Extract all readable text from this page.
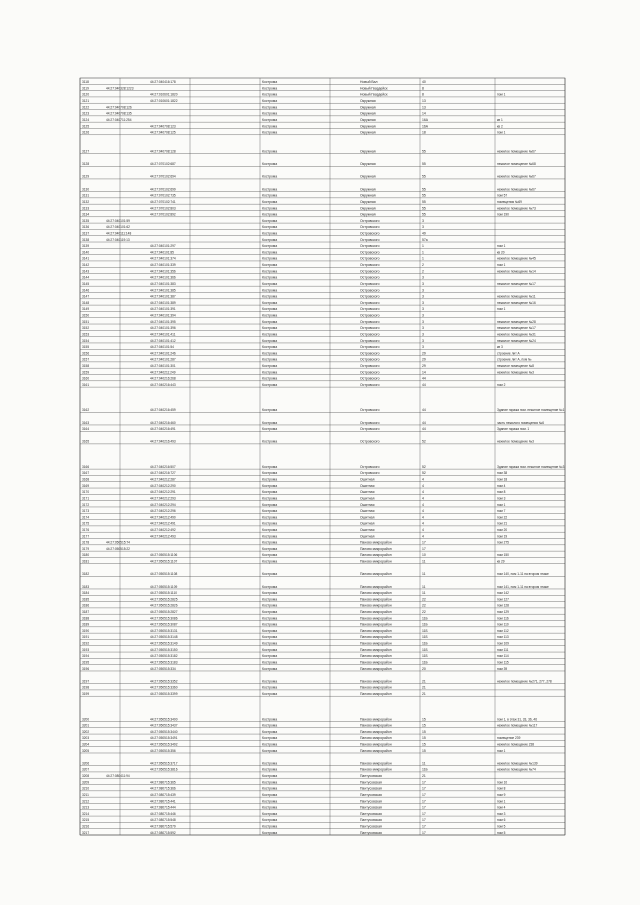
3118	44:27:040416:178	Кострома	Новый Вал	40
3119	44:27:040328:1223	Кострома	Новый Гвардейск	8
3120	44:27:010601:1820	Кострома	Новый Гвардейск	8	пом 1
3121	44:27:010601:1822	Кострома	Окружная	13
3122	44:27:040708:126	Кострома	Окружная	13
3123	44:27:040708:135	Кострома	Окружная	14
3124	44:27:040711:254	Кострома	Окружная	16А	кв 1
3125	44:27:040708:123	Кострома	Окружная	16А	кв 2
3126	44:27:040708:125	Кострома	Окружная	18	пом 1
3127	44:27:040708:128	Кострома	Окружная	55	нежилое помещение №67
3128	44:27:070102:687	Кострома	Окружная	55	нежилое помещение №68
3129	44:27:070102:694	Кострома	Окружная	55	нежилое помещение №67
3130	44:27:070102:699	Кострома	Окружная	55	нежилое помещение №67
3131	44:27:070102:735	Кострома	Окружная	55	пом 57
3132	44:27:070102:741	Кострома	Окружная	55	помещения №69
3133	44:27:070102:803	Кострома	Окружная	55	нежилое помещение №73
3134	44:27:070102:892	Кострома	Окружная	55	пом 190
3135	44:27:040101:59	Кострома	Островского	3
3136	44:27:040101:62	Кострома	Островского	3
3137	44:27:040111:148	Кострома	Островского	49
3138	44:27:040119:13	Кострома	Островского	57а
3139	44:27:040101:297	Кострома	Островского	1	пом 1
3140	44:27:040101:85	Кострома	Островского	1	кв 20
3141	44:27:040101:374	Кострома	Островского	1	нежилое помещение №45
3142	44:27:040101:339	Кострома	Островского	2	пом 1
3143	44:27:040101:356	Кострома	Островского	2	нежилое помещение №14
3144	44:27:040101:366	Кострома	Островского	3
3145	44:27:040101:383	Кострома	Островского	3	нежилое помещение №17
3146	44:27:040101:385	Кострома	Островского	3
3147	44:27:040101:387	Кострома	Островского	3	нежилое помещение №11
3148	44:27:040101:389	Кострома	Островского	3	нежилое помещение №16
3149	44:27:040101:391	Кострома	Островского	3	пом 1
3150	44:27:040101:394	Кострома	Островского	3
3151	44:27:040101:395	Кострома	Островского	3	нежилое помещение №28
3152	44:27:040101:396	Кострома	Островского	3	нежилое помещение №17
3153	44:27:040101:411	Кострома	Островского	3	нежилое помещение №31
3154	44:27:040101:412	Кострома	Островского	3	нежилое помещение №24
3155	44:27:040101:54	Кострома	Островского	3	кв 3
3156	44:27:040101:246	Кострома	Островского	29	строение лит А
3157	44:27:040101:287	Кострома	Островского	29	строение лит А, пом №
3158	44:27:040101:301	Кострома	Островского	29	нежилое помещение №8
3159	44:27:040211:249	Кострома	Островского	14	нежилое помещение №3
3160	44:27:040216:268	Кострома	Островского	44
3161	44:27:040216:443	Кострома	Островского	44	пом 2
3162	44:27:040216:459	Кострома	Островского	44	Здание гаража пом. нежилое помещение №1
3163	44:27:040216:460	Кострома	Островского	44	часть нежилого помещения №6
3164	44:27:040216:491	Кострома	Островского	44	Здание гаража пом. 1
3165	44:27:040216:493	Кострома	Островского	52	нежилое помещение №3
3166	44:27:040216:507	Кострома	Островского	52	Здание гаража пом. нежилое помещение №3
3167	44:27:040216:727	Кострома	Островского	52	пом 38
3168	44:27:040212:287	Кострома	Ошитная	4	пом 18
3169	44:27:040212:290	Кострома	Ошитная	4	пом 4
3170	44:27:040212:291	Кострома	Ошитная	4	пом 8
3171	44:27:040212:293	Кострома	Ошитная	4	пом 3
3172	44:27:040212:294	Кострома	Ошитная	4	пом 1
3173	44:27:040212:296	Кострома	Ошитная	4	пом 7
3174	44:27:040212:490	Кострома	Ошитная	4	пом 22
3175	44:27:040212:491	Кострома	Ошитная	4	пом 21
3176	44:27:040212:492	Кострома	Ошитная	4	пом 20
3177	44:27:040212:493	Кострома	Ошитная	4	пом 19
3178	44:27:050515:74	Кострома	Паново микрорайон	17	пом 275
3179	44:27:050515:22	Кострома	Паново микрорайон	17
3180	44:27:050515:1106	Кострома	Паново микрорайон	10	пом 150
3181	44:27:050515:1107	Кострома	Паново микрорайон	11	кв 29
3182	44:27:050515:1108	Кострома	Паново микрорайон	11	пом 140, пом 1-11 на втором этаже
3183	44:27:050515:1109	Кострома	Паново микрорайон	11	пом 141, пом 1-11 на втором этаже
3184	44:27:050515:1110	Кострома	Паново микрорайон	11	пом 142
3185	44:27:050515:2825	Кострома	Паново микрорайон	22	пом 127
3186	44:27:050515:2826	Кострома	Паново микрорайон	22	пом 128
3187	44:27:050515:2827	Кострома	Паново микрорайон	22	пом 129
3188	44:27:050515:3086	Кострома	Паново микрорайон	11Б	пом 116
3189	44:27:050515:3087	Кострома	Паново микрорайон	11Б	пом 110
3190	44:27:050515:3131	Кострома	Паново микрорайон	11Б	пом 112
3191	44:27:050515:3148	Кострома	Паново микрорайон	11Б	пом 113
3192	44:27:050515:3149	Кострома	Паново микрорайон	11Б	пом 109
3193	44:27:050515:3150	Кострома	Паново микрорайон	11Б	пом 111
3194	44:27:050515:3182	Кострома	Паново микрорайон	11Б	пом 114
3195	44:27:050515:3183	Кострома	Паново микрорайон	11Б	пом 115
3196	44:27:050515:334	Кострома	Паново микрорайон	20	пом 39
3197	44:27:050515:3352	Кострома	Паново микрорайон	21	нежилое помещение №271, 277, 278
3198	44:27:050515:3360	Кострома	Паново микрорайон	21
3199	44:27:050515:3399	Кострома	Паново микрорайон	21
3200	44:27:050515:3400	Кострома	Паново микрорайон	15	пом 1, в этаж 31, 33, 36, 46
3201	44:27:050515:3437	Кострома	Паново микрорайон	15	нежилое помещение №117
3202	44:27:050515:3440	Кострома	Паново микрорайон	15
3203	44:27:050515:3491	Кострома	Паново микрорайон	15	помещение 239
3204	44:27:050515:3492	Кострома	Паново микрорайон	15	нежилое помещение 238
3205	44:27:050515:356	Кострома	Паново микрорайон	15	пом 1
3206	44:27:050515:3717	Кострома	Паново микрорайон	11	нежилое помещение №139
3207	44:27:050515:3816	Кострома	Паново микрорайон	11Б	нежилое помещение №74
3208	44:27:080411:94	Кострома	Пантусовская	21
3209	44:27:080715:365	Кострома	Пантусовская	17	пом 10
3210	44:27:080715:366	Кострома	Пантусовская	17	пом 8
3211	44:27:080715:439	Кострома	Пантусовская	17	пом 9
3212	44:27:080715:441	Кострома	Пантусовская	17	пом 1
3213	44:27:080715:444	Кострома	Пантусовская	17	пом 4
3214	44:27:080715:446	Кострома	Пантусовская	17	пом 3
3215	44:27:080715:548	Кострома	Пантусовская	17	пом 6
3216	44:27:080715:579	Кострома	Пантусовская	17	пом 5
3217	44:27:080715:592	Кострома	Пантусовская	17	пом 5
